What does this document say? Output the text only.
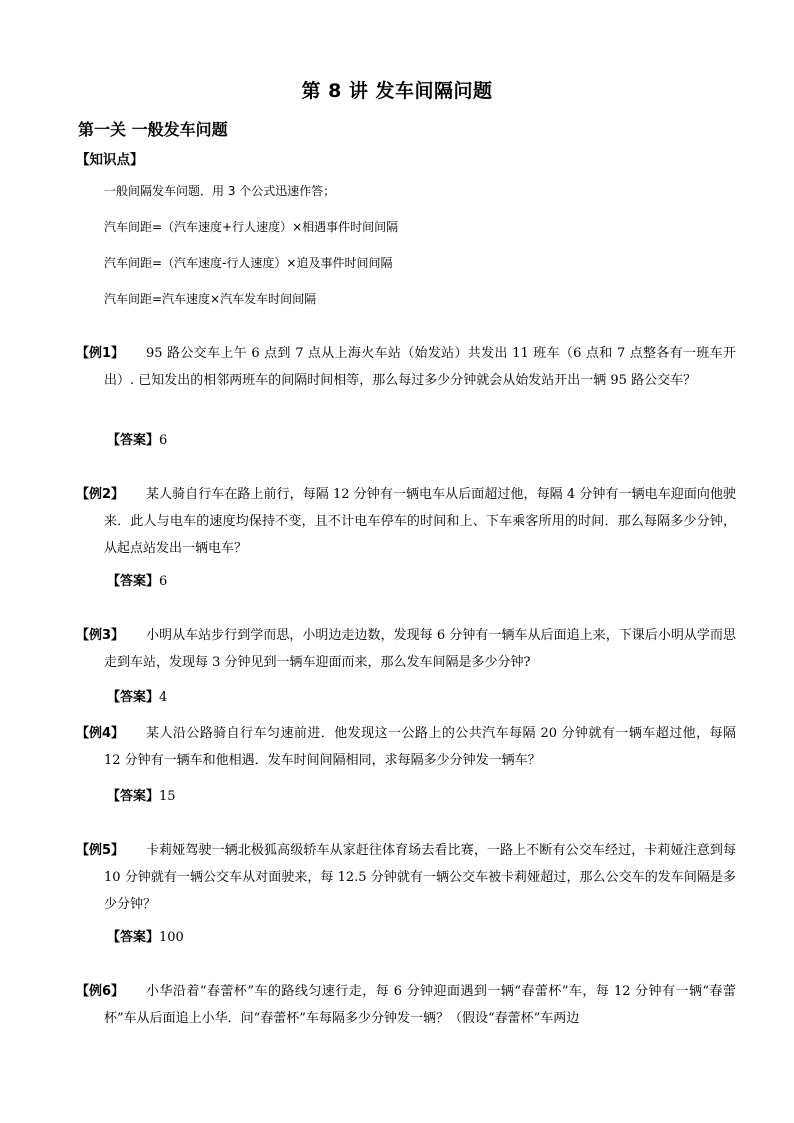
第 8 讲 发车间隔问题
第一关 一般发车问题
【知识点】
一般间隔发车问题．用 3 个公式迅速作答；
汽车间距=（汽车速度+行人速度）×相遇事件时间间隔
汽车间距=（汽车速度-行人速度）×追及事件时间间隔
汽车间距=汽车速度×汽车发车时间间隔
【例1】	95 路公交车上午 6 点到 7 点从上海火车站（始发站）共发出 11 班车（6 点和 7 点整各有一班车开出）. 已知发出的相邻两班车的间隔时间相等，那么每过多少分钟就会从始发站开出一辆 95 路公交车？
【答案】6
【例2】	某人骑自行车在路上前行，每隔 12 分钟有一辆电车从后面超过他，每隔 4 分钟有一辆电车迎面向他驶来．此人与电车的速度均保持不变，且不计电车停车的时间和上、下车乘客所用的时间．那么每隔多少分钟，从起点站发出一辆电车？
【答案】6
【例3】	小明从车站步行到学而思，小明边走边数，发现每 6 分钟有一辆车从后面追上来，下课后小明从学而思走到车站，发现每 3 分钟见到一辆车迎面而来，那么发车间隔是多少分钟?
【答案】4
【例4】	某人沿公路骑自行车匀速前进．他发现这一公路上的公共汽车每隔 20 分钟就有一辆车超过他，每隔 12 分钟有一辆车和他相遇．发车时间间隔相同，求每隔多少分钟发一辆车？
【答案】15
【例5】	卡莉娅驾驶一辆北极狐高级轿车从家赶往体育场去看比赛，一路上不断有公交车经过，卡莉娅注意到每 10 分钟就有一辆公交车从对面驶来，每 12.5 分钟就有一辆公交车被卡莉娅超过，那么公交车的发车间隔是多少分钟？
【答案】100
【例6】	小华沿着“春蕾杯”车的路线匀速行走，每 6 分钟迎面遇到一辆“春蕾杯”车，每 12 分钟有一辆“春蕾杯”车从后面追上小华．问“春蕾杯”车每隔多少分钟发一辆？（假设“春蕾杯”车两边
